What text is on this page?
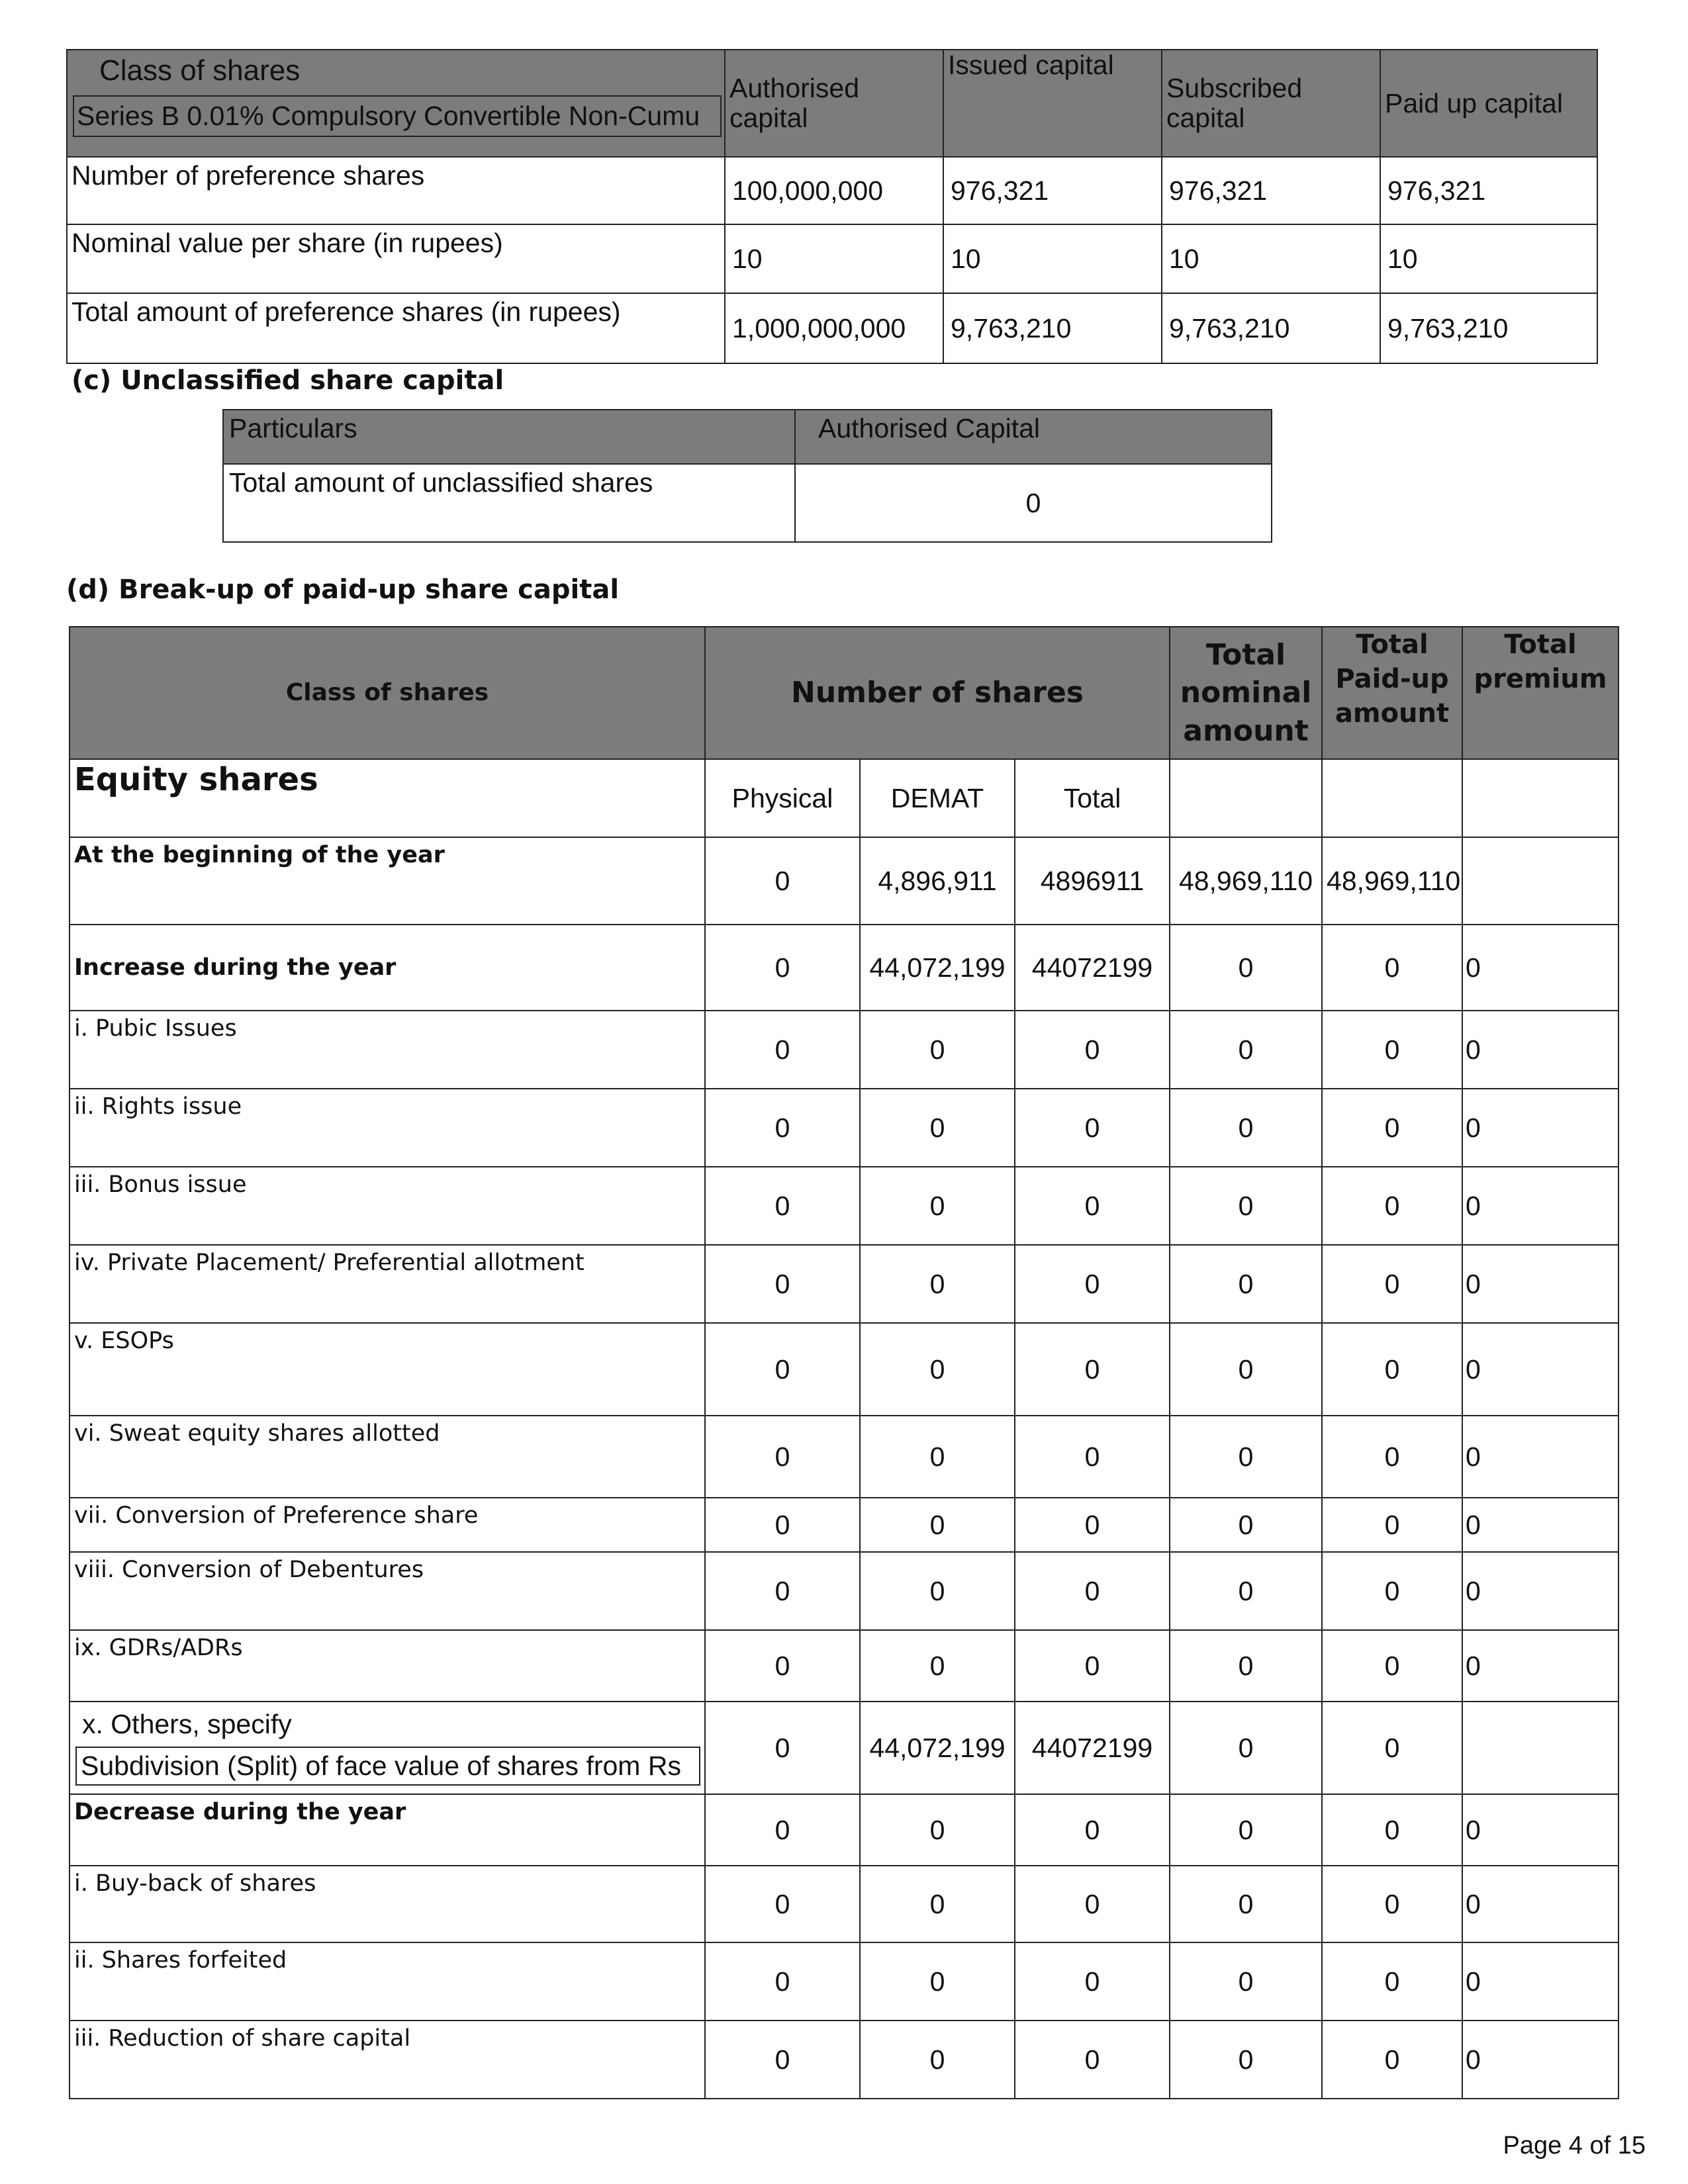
Class of shares
Series B 0.01% Compulsory Convertible Non-Cumu	Authorised capital	Issued capital	Subscribed capital	Paid up capital
Number of preference shares	100,000,000	976,321	976,321	976,321
Nominal value per share (in rupees)	10	10	10	10
Total amount of preference shares (in rupees)	1,000,000,000	9,763,210	9,763,210	9,763,210
(c) Unclassified share capital
Particulars	Authorised Capital
Total amount of unclassified shares	0
(d) Break-up of paid-up share capital
Class of shares	Number of shares			Total nominal amount	Total Paid-up amount	Total premium
Equity shares	Physical	DEMAT	Total			
At the beginning of the year	0	4,896,911	4896911	48,969,110	48,969,110	
Increase during the year	0	44,072,199	44072199	0	0	0
i. Pubic Issues	0	0	0	0	0	0
ii. Rights issue	0	0	0	0	0	0
iii. Bonus issue	0	0	0	0	0	0
iv. Private Placement/ Preferential allotment	0	0	0	0	0	0
v. ESOPs	0	0	0	0	0	0
vi. Sweat equity shares allotted	0	0	0	0	0	0
vii. Conversion of Preference share	0	0	0	0	0	0
viii. Conversion of Debentures	0	0	0	0	0	0
ix. GDRs/ADRs	0	0	0	0	0	0

x. Others, specify
Subdivision (Split) of face value of shares from Rs	0	44,072,199	44072199	0	0	
Decrease during the year	0	0	0	0	0	0
i. Buy-back of shares	0	0	0	0	0	0
ii. Shares forfeited	0	0	0	0	0	0
iii. Reduction of share capital	0	0	0	0	0	0
Page 4 of 15
